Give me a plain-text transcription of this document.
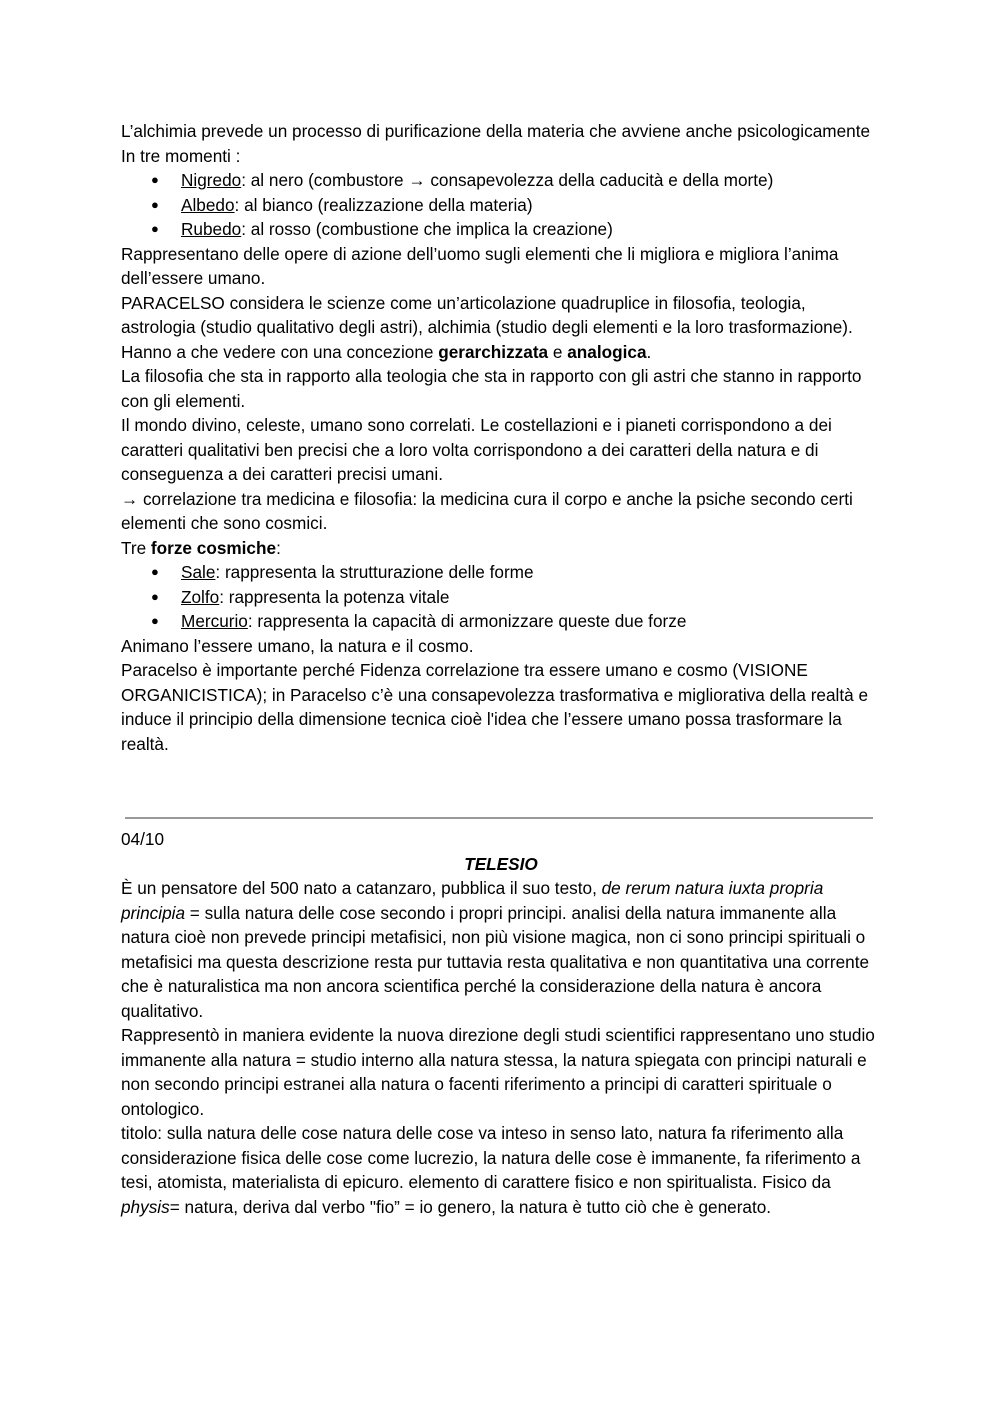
L’alchimia prevede un processo di purificazione della materia che avviene anche psicologicamente

In tre momenti :

● Nigredo: al nero (combustore → consapevolezza della caducità e della morte)
● Albedo: al bianco (realizzazione della materia)
● Rubedo: al rosso (combustione che implica la creazione)

Rappresentano delle opere di azione dell’uomo sugli elementi che li migliora e migliora l’anima dell’essere umano.

PARACELSO considera le scienze come un’articolazione quadruplice in filosofia, teologia, astrologia (studio qualitativo degli astri), alchimia (studio degli elementi e la loro trasformazione). Hanno a che vedere con una concezione gerarchizzata e analogica.

La filosofia che sta in rapporto alla teologia che sta in rapporto con gli astri che stanno in rapporto con gli elementi.

Il mondo divino, celeste, umano sono correlati. Le costellazioni e i pianeti corrispondono a dei caratteri qualitativi ben precisi che a loro volta corrispondono a dei caratteri della natura e di conseguenza a dei caratteri precisi umani.

→ correlazione tra medicina e filosofia: la medicina cura il corpo e anche la psiche secondo certi elementi che sono cosmici.

Tre forze cosmiche:

● Sale: rappresenta la strutturazione delle forme
● Zolfo: rappresenta la potenza vitale
● Mercurio: rappresenta la capacità di armonizzare queste due forze

Animano l’essere umano, la natura e il cosmo.

Paracelso è importante perché Fidenza correlazione tra essere umano e cosmo (VISIONE ORGANICISTICA); in Paracelso c’è una consapevolezza trasformativa e migliorativa della realtà e induce il principio della dimensione tecnica cioè l'idea che l’essere umano possa trasformare la realtà.

04/10

TELESIO

È un pensatore del 500 nato a catanzaro, pubblica il suo testo, de rerum natura iuxta propria principia = sulla natura delle cose secondo i propri principi. analisi della natura immanente alla natura cioè non prevede principi metafisici, non più visione magica, non ci sono principi spirituali o metafisici ma questa descrizione resta pur tuttavia resta qualitativa e non quantitativa una corrente che è naturalistica ma non ancora scientifica perché la considerazione della natura è ancora qualitativo.

Rappresentò in maniera evidente la nuova direzione degli studi scientifici rappresentano uno studio immanente alla natura = studio interno alla natura stessa, la natura spiegata con principi naturali e non secondo principi estranei alla natura o facenti riferimento a principi di caratteri spirituale o ontologico.

titolo: sulla natura delle cose natura delle cose va inteso in senso lato, natura fa riferimento alla considerazione fisica delle cose come lucrezio, la natura delle cose è immanente, fa riferimento a tesi, atomista, materialista di epicuro. elemento di carattere fisico e non spiritualista. Fisico da physis= natura, deriva dal verbo "fio” = io genero, la natura è tutto ciò che è generato.
